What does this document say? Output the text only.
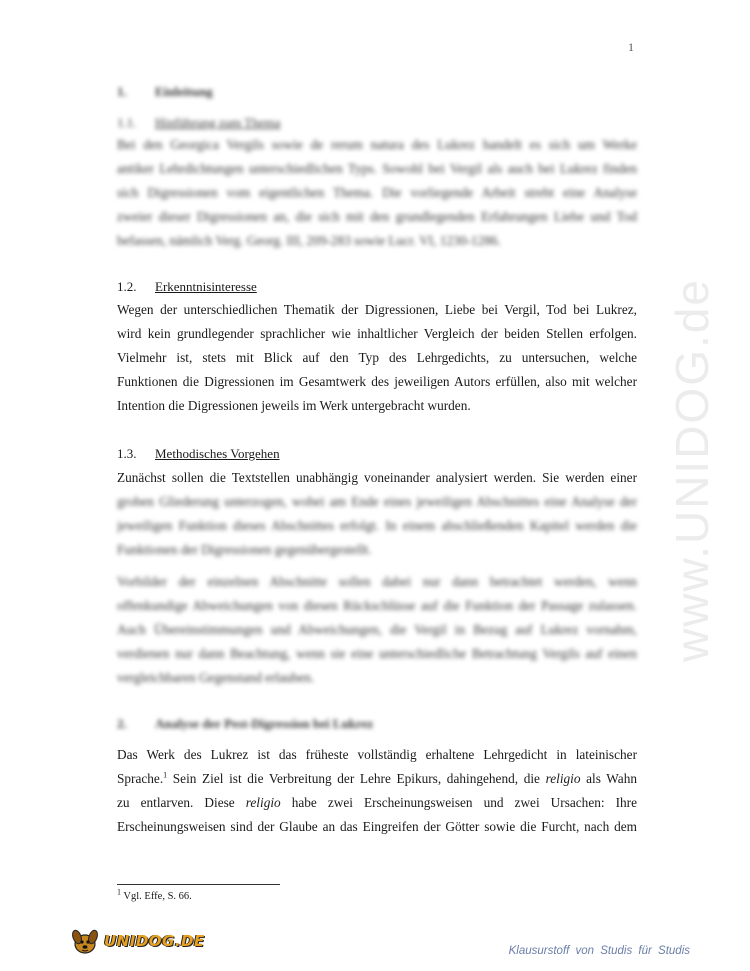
www.UNIDOG.de
1
1. Einleitung
1.1. Hinführung zum Thema
Bei den Georgica Vergils sowie de rerum natura des Lukrez handelt es sich um Werke
antiker Lehrdichtungen unterschiedlichen Typs. Sowohl bei Vergil als auch bei Lukrez finden
sich Digressionen vom eigentlichen Thema. Die vorliegende Arbeit strebt eine Analyse
zweier dieser Digressionen an, die sich mit den grundlegenden Erfahrungen Liebe und Tod
befassen, nämlich Verg. Georg. III, 209-283 sowie Lucr. VI, 1230-1286.
1.2. Erkenntnisinteresse
Wegen der unterschiedlichen Thematik der Digressionen, Liebe bei Vergil, Tod bei Lukrez,
wird kein grundlegender sprachlicher wie inhaltlicher Vergleich der beiden Stellen erfolgen.
Vielmehr ist, stets mit Blick auf den Typ des Lehrgedichts, zu untersuchen, welche
Funktionen die Digressionen im Gesamtwerk des jeweiligen Autors erfüllen, also mit welcher
Intention die Digressionen jeweils im Werk untergebracht wurden.
1.3. Methodisches Vorgehen
Zunächst sollen die Textstellen unabhängig voneinander analysiert werden. Sie werden einer
groben Gliederung unterzogen, wobei am Ende eines jeweiligen Abschnittes eine Analyse der
jeweiligen Funktion dieses Abschnittes erfolgt. In einem abschließenden Kapitel werden die
Funktionen der Digressionen gegenübergestellt.
Vorbilder der einzelnen Abschnitte sollen dabei nur dann betrachtet werden, wenn
offenkundige Abweichungen von diesen Rückschlüsse auf die Funktion der Passage zulassen.
Auch Übereinstimmungen und Abweichungen, die Vergil in Bezug auf Lukrez vornahm,
verdienen nur dann Beachtung, wenn sie eine unterschiedliche Betrachtung Vergils auf einen
vergleichbaren Gegenstand erlauben.
2. Analyse der Pest-Digression bei Lukrez
Das Werk des Lukrez ist das früheste vollständig erhaltene Lehrgedicht in lateinischer
Sprache.$^1$ Sein Ziel ist die Verbreitung der Lehre Epikurs, dahingehend, die religio als Wahn
zu entlarven. Diese religio habe zwei Erscheinungsweisen und zwei Ursachen: Ihre
Erscheinungsweisen sind der Glaube an das Eingreifen der Götter sowie die Furcht, nach dem
$^1$ Vgl. Effe, S. 66.
UNIDOG.DE
Klausurstoff von Studis für Studis
